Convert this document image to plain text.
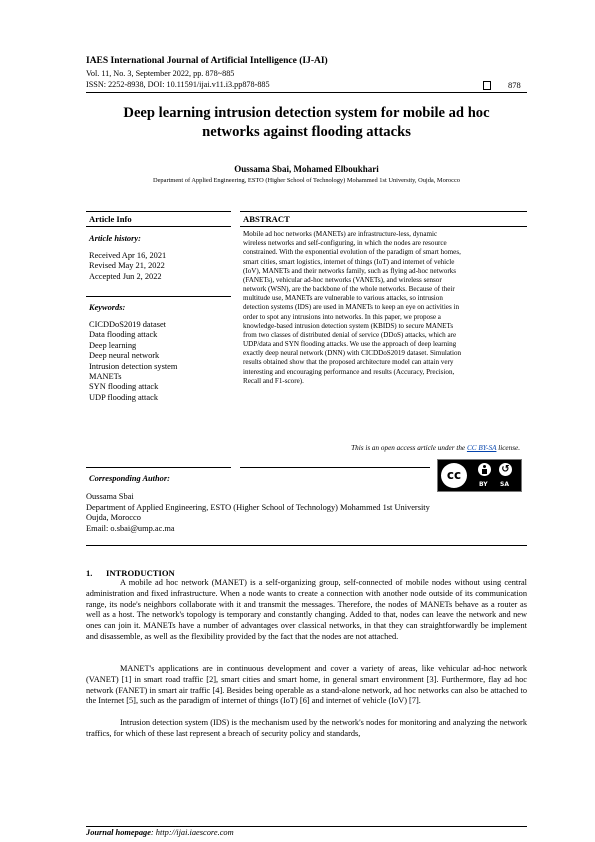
IAES International Journal of Artificial Intelligence (IJ-AI)
Vol. 11, No. 3, September 2022, pp. 878~885
ISSN: 2252-8938, DOI: 10.11591/ijai.v11.i3.pp878-885	878
Deep learning intrusion detection system for mobile ad hoc
networks against flooding attacks
Oussama Sbai, Mohamed Elboukhari
Department of Applied Engineering, ESTO (Higher School of Technology) Mohammed 1st University, Oujda, Morocco
Article Info	ABSTRACT
Article history:
Received Apr 16, 2021
Revised May 21, 2022
Accepted Jun 2, 2022
Keywords:
CICDDoS2019 dataset
Data flooding attack
Deep learning
Deep neural network
Intrusion detection system
MANETs
SYN flooding attack
UDP flooding attack
Mobile ad hoc networks (MANETs) are infrastructure-less, dynamic
wireless networks and self-configuring, in which the nodes are resource
constrained. With the exponential evolution of the paradigm of smart homes,
smart cities, smart logistics, internet of things (IoT) and internet of vehicle
(IoV), MANETs and their networks family, such as flying ad-hoc networks
(FANETs), vehicular ad-hoc networks (VANETs), and wireless sensor
network (WSN), are the backbone of the whole networks. Because of their
multitude use, MANETs are vulnerable to various attacks, so intrusion
detection systems (IDS) are used in MANETs to keep an eye on activities in
order to spot any intrusions into networks. In this paper, we propose a
knowledge-based intrusion detection system (KBIDS) to secure MANETs
from two classes of distributed denial of service (DDoS) attacks, which are
UDP/data and SYN flooding attacks. We use the approach of deep learning
exactly deep neural network (DNN) with CICDDoS2019 dataset. Simulation
results obtained show that the proposed architecture model can attain very
interesting and encouraging performance and results (Accuracy, Precision,
Recall and F1-score).
This is an open access article under the CC BY-SA license.
cc	↺
BY SA
Corresponding Author:
Oussama Sbai
Department of Applied Engineering, ESTO (Higher School of Technology) Mohammed 1st University
Oujda, Morocco
Email: o.sbai@ump.ac.ma
1. INTRODUCTION
A mobile ad hoc network (MANET) is a self-organizing group, self-connected of mobile nodes without using central administration and fixed infrastructure. When a node wants to create a connection with another node outside of its communication range, its node's neighbors collaborate with it and transmit the messages. Therefore, the nodes of MANETs behave as a router as well as a host. The network's topology is temporary and constantly changing. Added to that, nodes can leave the network and new ones can join it. MANETs have a number of advantages over classical networks, in that they can straightforwardly be implement and disassemble, as well as the flexibility provided by the fact that the nodes are not attached.
MANET's applications are in continuous development and cover a variety of areas, like vehicular ad-hoc network (VANET) [1] in smart road traffic [2], smart cities and smart home, in general smart environment [3]. Furthermore, flay ad hoc network (FANET) in smart air traffic [4]. Besides being operable as a stand-alone network, ad hoc networks can also be attached to the Internet [5], such as the paradigm of internet of things (IoT) [6] and internet of vehicle (IoV) [7].
Intrusion detection system (IDS) is the mechanism used by the network's nodes for monitoring and analyzing the network traffics, for which of these last represent a breach of security policy and standards,
Journal homepage: http://ijai.iaescore.com
